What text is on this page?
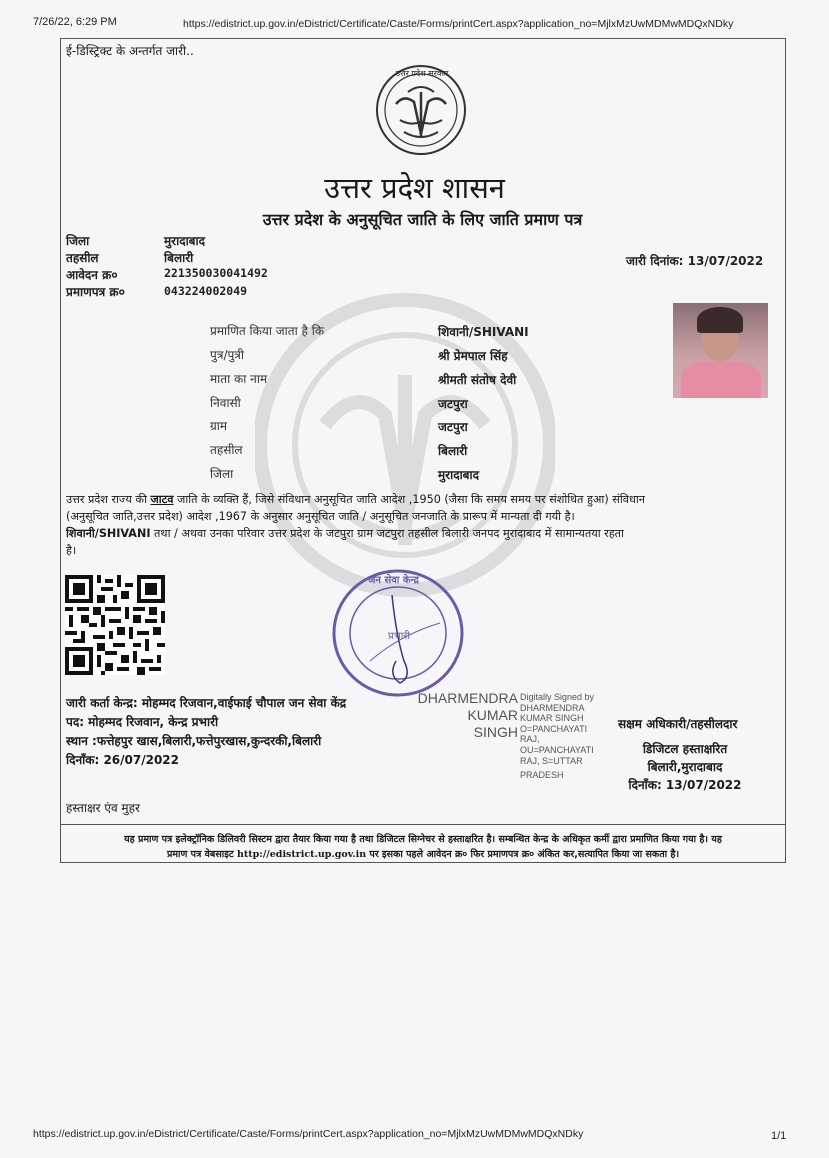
7/26/22, 6:29 PM	https://edistrict.up.gov.in/eDistrict/Certificate/Caste/Forms/printCert.aspx?application_no=MjlxMzUwMDMwMDQxNDky
https://edistrict.up.gov.in/eDistrict/Certificate/Caste/Forms/printCert.aspx?application_no=MjlxMzUwMDMwMDQxNDky	1/1
ई-डिस्ट्रिक्ट के अन्तर्गत जारी..
उत्तर प्रदेश सरकार
उत्तर प्रदेश शासन
उत्तर प्रदेश के अनुसूचित जाति के लिए जाति प्रमाण पत्र
जिला	मुरादाबाद
तहसील	बिलारी
आवेदन क्र०	221350030041492
प्रमाणपत्र क्र०	043224002049
जारी दिनांक: 13/07/2022
प्रमाणित किया जाता है कि	शिवानी/SHIVANI
पुत्र/पुत्री	श्री प्रेमपाल सिंह
माता का नाम	श्रीमती संतोष देवी
निवासी	जटपुरा
ग्राम	जटपुरा
तहसील	बिलारी
जिला	मुरादाबाद
उत्तर प्रदेश राज्य की जाटव जाति के व्यक्ति हैं, जिसे संविधान अनुसूचित जाति आदेश ,1950 (जैसा कि समय समय पर संशोधित हुआ) संविधान
(अनुसूचित जाति,उत्तर प्रदेश) आदेश ,1967 के अनुसार अनुसूचित जाति / अनुसूचित जनजाति के प्रारूप में मान्यता दी गयी है।
शिवानी/SHIVANI तथा / अथवा उनका परिवार उत्तर प्रदेश के जटपुरा ग्राम जटपुरा तहसील बिलारी जनपद मुरादाबाद में सामान्यतया रहता
है।
जन सेवा केन्द्र
प्रभारी
जारी कर्ता केन्द्र: मोहम्मद रिजवान,वाईफाई चौपाल जन सेवा केंद्र
पद: मोहम्मद रिजवान, केन्द्र प्रभारी
स्थान :फत्तेहपुर खास,बिलारी,फत्तेपुरखास,कुन्दरकी,बिलारी
दिनाँक: 26/07/2022
DHARMENDRA
KUMAR
SINGH
Digitally Signed by
DHARMENDRA
KUMAR SINGH
O=PANCHAYATI
RAJ,
OU=PANCHAYATI
RAJ, S=UTTAR
PRADESH
सक्षम अधिकारी/तहसीलदार
डिजिटल हस्ताक्षरित
बिलारी,मुरादाबाद
दिनाँक: 13/07/2022
हस्ताक्षर एंव मुहर
यह प्रमाण पत्र इलेक्ट्रॉनिक डिलिवरी सिस्टम द्वारा तैयार किया गया है तथा डिजिटल सिग्नेचर से हस्ताक्षरित है। सम्बन्धित केन्द्र के अधिकृत कर्मी द्वारा प्रमाणित किया गया है। यह
प्रमाण पत्र वेबसाइट http://edistrict.up.gov.in पर इसका पहले आवेदन क्र० फिर प्रमाणपत्र क्र० अंकित कर,सत्यापित किया जा सकता है।
